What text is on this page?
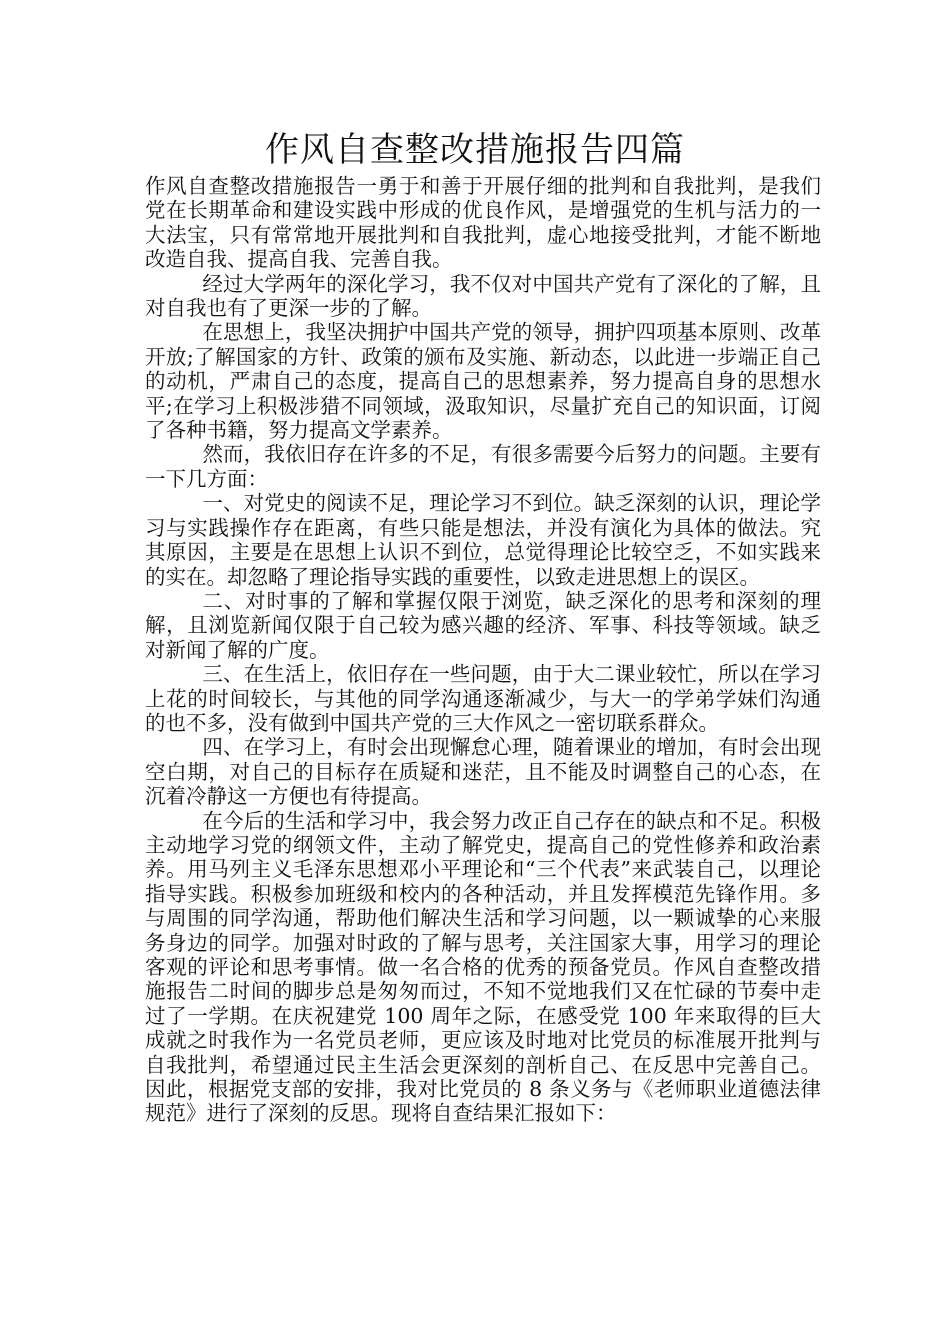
作风自查整改措施报告四篇

作风自查整改措施报告一勇于和善于开展仔细的批判和自我批判，是我们党在长期革命和建设实践中形成的优良作风，是增强党的生机与活力的一大法宝，只有常常地开展批判和自我批判，虚心地接受批判，才能不断地改造自我、提高自我、完善自我。

经过大学两年的深化学习，我不仅对中国共产党有了深化的了解，且对自我也有了更深一步的了解。

在思想上，我坚决拥护中国共产党的领导，拥护四项基本原则、改革开放;了解国家的方针、政策的颁布及实施、新动态，以此进一步端正自己的动机，严肃自己的态度，提高自己的思想素养，努力提高自身的思想水平;在学习上积极涉猎不同领域，汲取知识，尽量扩充自己的知识面，订阅了各种书籍，努力提高文学素养。

然而，我依旧存在许多的不足，有很多需要今后努力的问题。主要有一下几方面：

一、对党史的阅读不足，理论学习不到位。缺乏深刻的认识，理论学习与实践操作存在距离，有些只能是想法，并没有演化为具体的做法。究其原因，主要是在思想上认识不到位，总觉得理论比较空乏，不如实践来的实在。却忽略了理论指导实践的重要性，以致走进思想上的误区。

二、对时事的了解和掌握仅限于浏览，缺乏深化的思考和深刻的理解，且浏览新闻仅限于自己较为感兴趣的经济、军事、科技等领域。缺乏对新闻了解的广度。

三、在生活上，依旧存在一些问题，由于大二课业较忙，所以在学习上花的时间较长，与其他的同学沟通逐渐减少，与大一的学弟学妹们沟通的也不多，没有做到中国共产党的三大作风之一密切联系群众。

四、在学习上，有时会出现懈怠心理，随着课业的增加，有时会出现空白期，对自己的目标存在质疑和迷茫，且不能及时调整自己的心态，在沉着冷静这一方便也有待提高。

在今后的生活和学习中，我会努力改正自己存在的缺点和不足。积极主动地学习党的纲领文件，主动了解党史，提高自己的党性修养和政治素养。用马列主义毛泽东思想邓小平理论和“三个代表”来武装自己，以理论指导实践。积极参加班级和校内的各种活动，并且发挥模范先锋作用。多与周围的同学沟通，帮助他们解决生活和学习问题，以一颗诚挚的心来服务身边的同学。加强对时政的了解与思考，关注国家大事，用学习的理论客观的评论和思考事情。做一名合格的优秀的预备党员。作风自查整改措施报告二时间的脚步总是匆匆而过，不知不觉地我们又在忙碌的节奏中走过了一学期。在庆祝建党 100 周年之际，在感受党 100 年来取得的巨大成就之时我作为一名党员老师，更应该及时地对比党员的标准展开批判与自我批判，希望通过民主生活会更深刻的剖析自己、在反思中完善自己。因此，根据党支部的安排，我对比党员的 8 条义务与《老师职业道德法律规范》进行了深刻的反思。现将自查结果汇报如下：
